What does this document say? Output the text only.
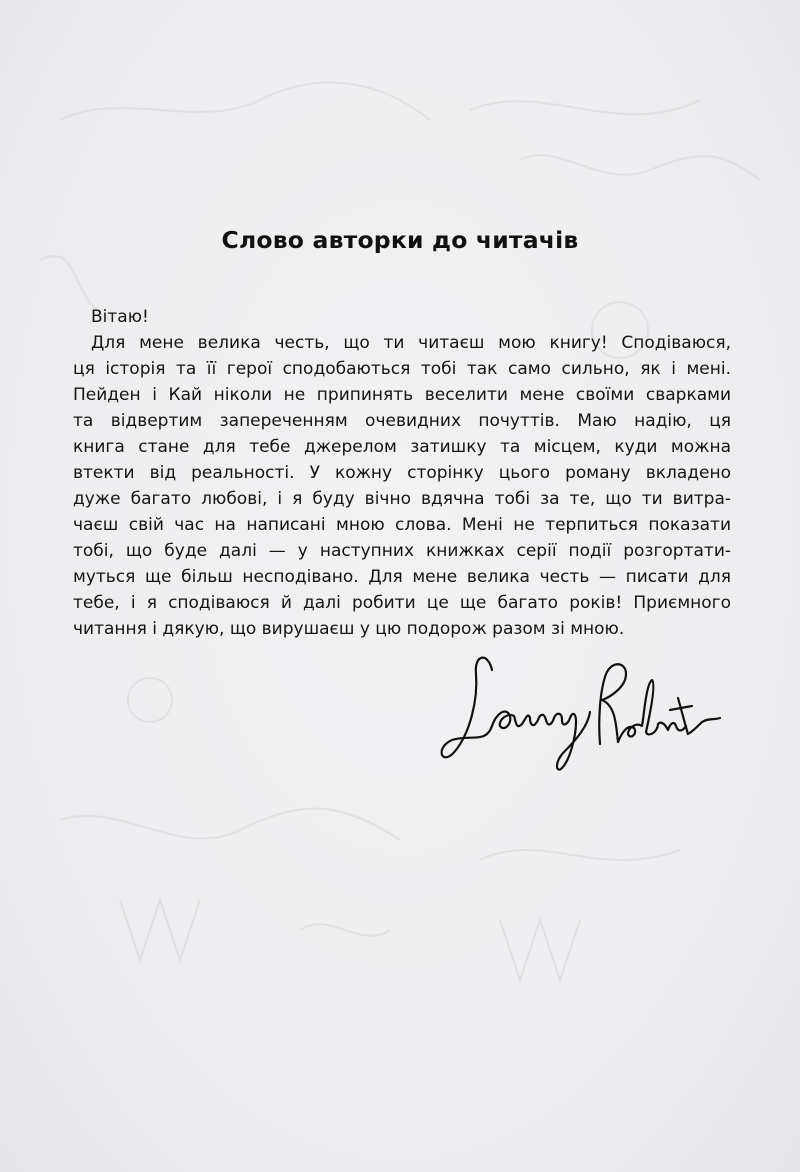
Слово авторки до читачів
Вітаю!
Для мене велика честь, що ти читаєш мою книгу! Сподіваюся,
ця історія та її герої сподобаються тобі так само сильно, як і мені.
Пейден і Кай ніколи не припинять веселити мене своїми сварками
та відвертим запереченням очевидних почуттів. Маю надію, ця
книга стане для тебе джерелом затишку та місцем, куди можна
втекти від реальності. У кожну сторінку цього роману вкладено
дуже багато любові, і я буду вічно вдячна тобі за те, що ти витра-
чаєш свій час на написані мною слова. Мені не терпиться показати
тобі, що буде далі — у наступних книжках серії події розгортати-
муться ще більш несподівано. Для мене велика честь — писати для
тебе, і я сподіваюся й далі робити це ще багато років! Приємного
читання і дякую, що вирушаєш у цю подорож разом зі мною.
